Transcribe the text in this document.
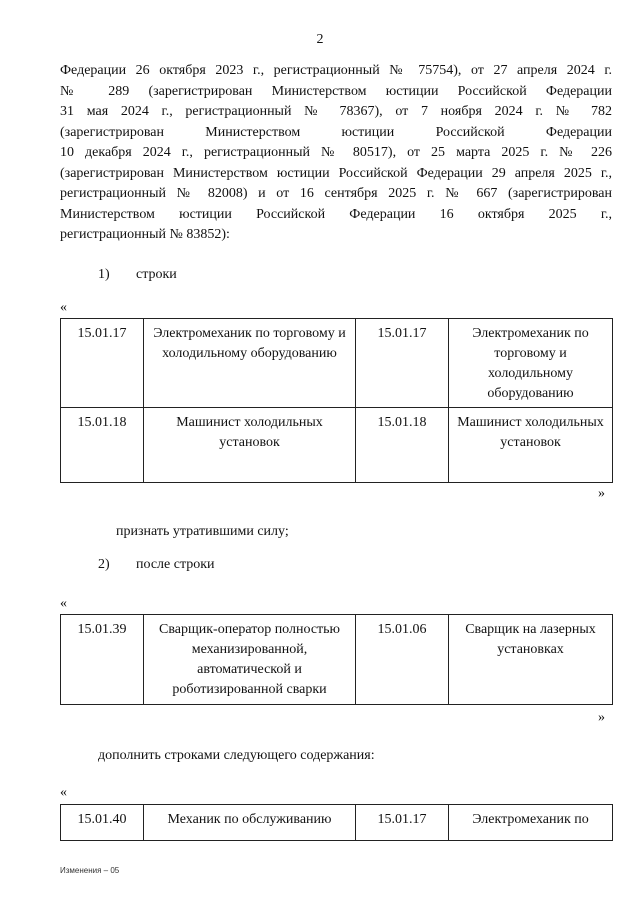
2
Федерации 26 октября 2023 г., регистрационный № 75754), от 27 апреля 2024 г.
№ 289 (зарегистрирован Министерством юстиции Российской Федерации
31 мая 2024 г., регистрационный № 78367), от 7 ноября 2024 г. № 782
(зарегистрирован Министерством юстиции Российской Федерации
10 декабря 2024 г., регистрационный № 80517), от 25 марта 2025 г. № 226
(зарегистрирован Министерством юстиции Российской Федерации 29 апреля 2025 г.,
регистрационный № 82008) и от 16 сентября 2025 г. № 667 (зарегистрирован
Министерством юстиции Российской Федерации 16 октября 2025 г.,
регистрационный № 83852):
1) строки
«
15.01.17	Электромеханик по торговому и холодильному оборудованию	15.01.17	Электромеханик по торговому и холодильному оборудованию
15.01.18	Машинист холодильных установок	15.01.18	Машинист холодильных установок
»
признать утратившими силу;
2) после строки
«
15.01.39	Сварщик-оператор полностью механизированной, автоматической и роботизированной сварки	15.01.06	Сварщик на лазерных установках
»
дополнить строками следующего содержания:
«
15.01.40	Механик по обслуживанию	15.01.17	Электромеханик по
Изменения – 05
